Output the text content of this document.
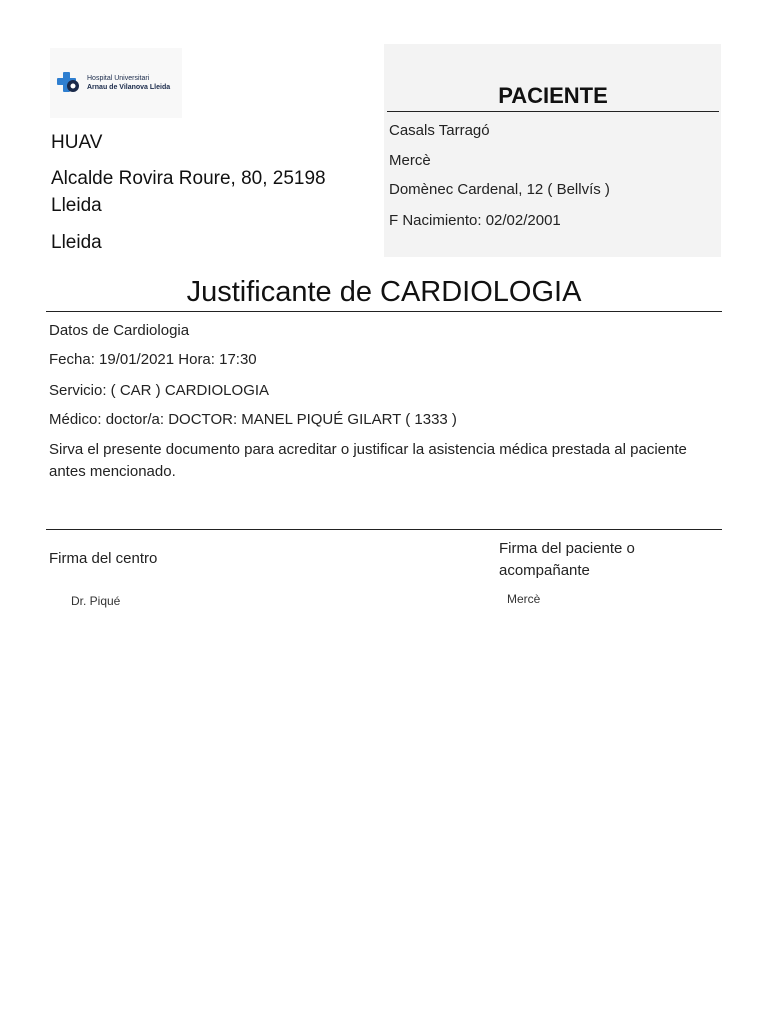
Hospital Universitari
Arnau de Vilanova Lleida
HUAV
Alcalde Rovira Roure, 80, 25198 Lleida
Lleida
PACIENTE
Casals Tarragó
Mercè
Domènec Cardenal, 12 ( Bellvís )
F Nacimiento: 02/02/2001
Justificante de CARDIOLOGIA
Datos de Cardiologia
Fecha: 19/01/2021 Hora: 17:30
Servicio: ( CAR ) CARDIOLOGIA
Médico: doctor/a: DOCTOR: MANEL PIQUÉ GILART ( 1333 )
Sirva el presente documento para acreditar o justificar la asistencia médica prestada al paciente antes mencionado.
Firma del centro
Firma del paciente o acompañante
Dr. Piqué	Mercè
